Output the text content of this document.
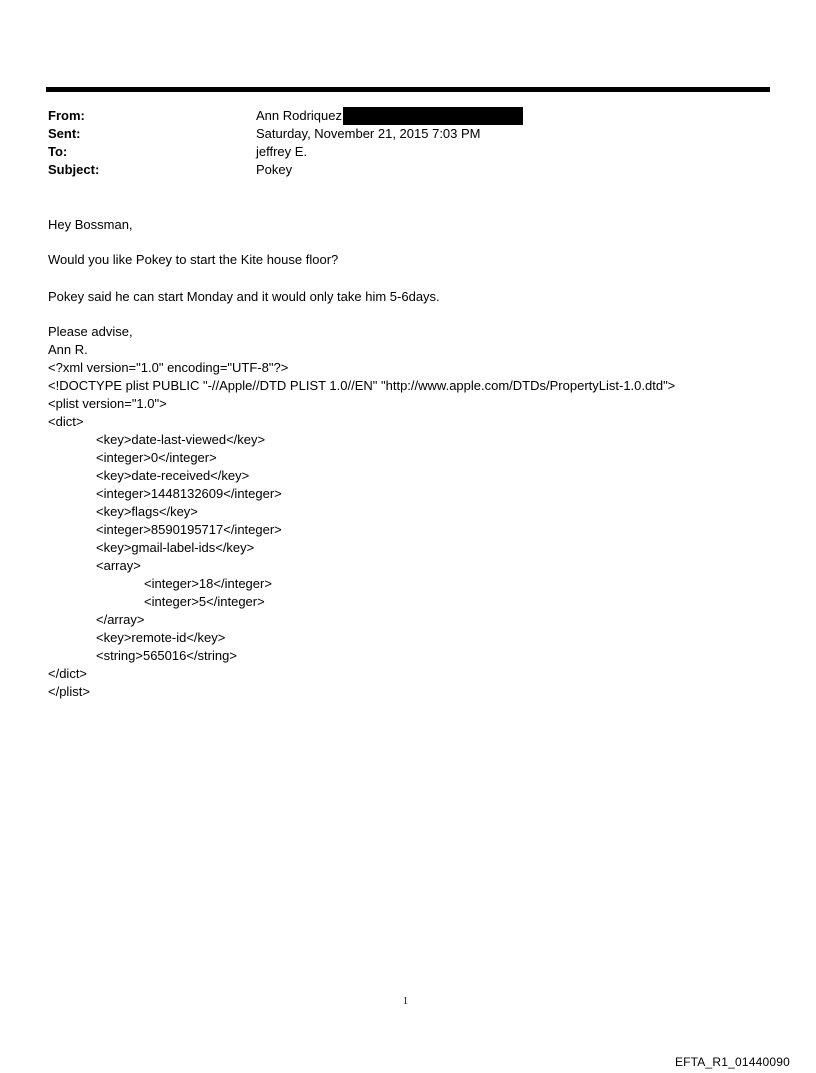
From:	Ann Rodriquez
Sent:	Saturday, November 21, 2015 7:03 PM
To:	jeffrey E.
Subject:	Pokey
Hey Bossman,
Would you like Pokey to start the Kite house floor?
Pokey said he can start Monday and it would only take him 5-6days.
Please advise,
Ann R.
<?xml version="1.0" encoding="UTF-8"?>
<!DOCTYPE plist PUBLIC "-//Apple//DTD PLIST 1.0//EN" "http://www.apple.com/DTDs/PropertyList-1.0.dtd">
<plist version="1.0">
<dict>
<key>date-last-viewed</key>
<integer>0</integer>
<key>date-received</key>
<integer>1448132609</integer>
<key>flags</key>
<integer>8590195717</integer>
<key>gmail-label-ids</key>
<array>
<integer>18</integer>
<integer>5</integer>
</array>
<key>remote-id</key>
<string>565016</string>
</dict>
</plist>
1
EFTA_R1_01440090
